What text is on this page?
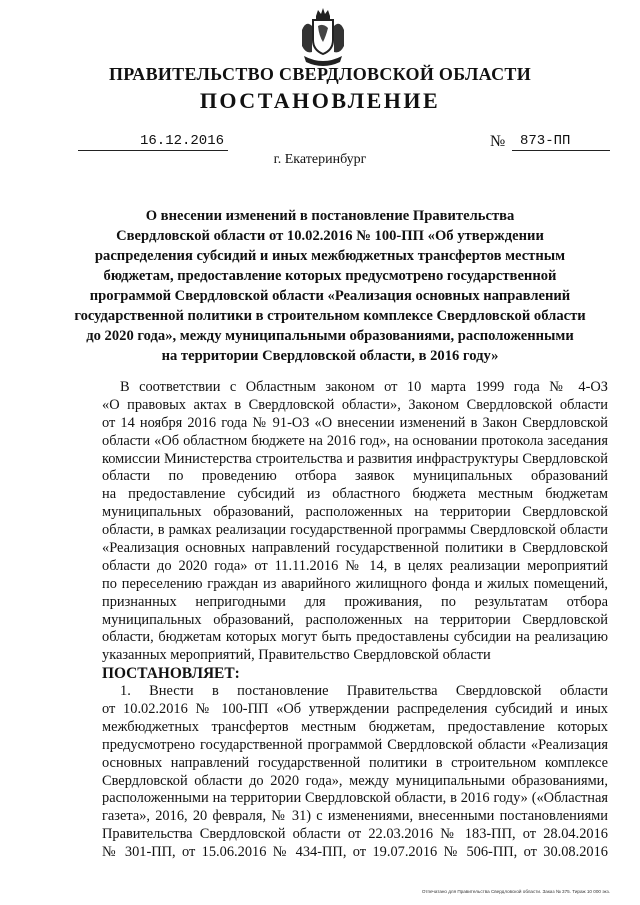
ПРАВИТЕЛЬСТВО СВЕРДЛОВСКОЙ ОБЛАСТИ
ПОСТАНОВЛЕНИЕ
16.12.2016	№	873-ПП
г. Екатеринбург
О внесении изменений в постановление Правительства
Свердловской области от 10.02.2016 № 100-ПП «Об утверждении
распределения субсидий и иных межбюджетных трансфертов местным
бюджетам, предоставление которых предусмотрено государственной
программой Свердловской области «Реализация основных направлений
государственной политики в строительном комплексе Свердловской области
до 2020 года», между муниципальными образованиями, расположенными
на территории Свердловской области, в 2016 году»
В соответствии с Областным законом от 10 марта 1999 года № 4-ОЗ
«О правовых актах в Свердловской области», Законом Свердловской области
от 14 ноября 2016 года № 91-ОЗ «О внесении изменений в Закон Свердловской
области «Об областном бюджете на 2016 год», на основании протокола заседания
комиссии Министерства строительства и развития инфраструктуры Свердловской
области по проведению отбора заявок муниципальных образований
на предоставление субсидий из областного бюджета местным бюджетам
муниципальных образований, расположенных на территории Свердловской
области, в рамках реализации государственной программы Свердловской области
«Реализация основных направлений государственной политики в Свердловской
области до 2020 года» от 11.11.2016 № 14, в целях реализации мероприятий
по переселению граждан из аварийного жилищного фонда и жилых помещений,
признанных непригодными для проживания, по результатам отбора
муниципальных образований, расположенных на территории Свердловской
области, бюджетам которых могут быть предоставлены субсидии на реализацию
указанных мероприятий, Правительство Свердловской области
ПОСТАНОВЛЯЕТ:
1. Внести в постановление Правительства Свердловской области
от 10.02.2016 № 100-ПП «Об утверждении распределения субсидий и иных
межбюджетных трансфертов местным бюджетам, предоставление которых
предусмотрено государственной программой Свердловской области «Реализация
основных направлений государственной политики в строительном комплексе
Свердловской области до 2020 года», между муниципальными образованиями,
расположенными на территории Свердловской области, в 2016 году» («Областная
газета», 2016, 20 февраля, № 31) с изменениями, внесенными постановлениями
Правительства Свердловской области от 22.03.2016 № 183-ПП, от 28.04.2016
№ 301-ПП, от 15.06.2016 № 434-ПП, от 19.07.2016 № 506-ПП, от 30.08.2016
Отпечатано для Правительства Свердловской области. Заказ № 375. Тираж 10 000 экз.
